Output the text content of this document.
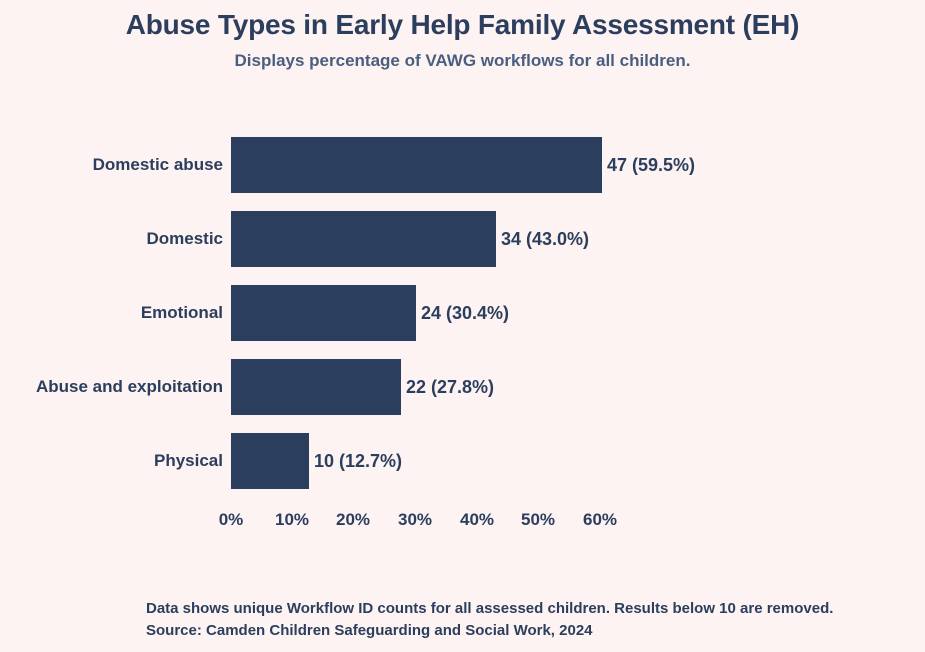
Abuse Types in Early Help Family Assessment (EH)
Displays percentage of VAWG workflows for all children.
Domestic abuse	47 (59.5%)
Domestic	34 (43.0%)
Emotional	24 (30.4%)
Abuse and exploitation	22 (27.8%)
Physical	10 (12.7%)
0% 10% 20% 30% 40% 50% 60%
Data shows unique Workflow ID counts for all assessed children. Results below 10 are removed.
Source: Camden Children Safeguarding and Social Work, 2024
